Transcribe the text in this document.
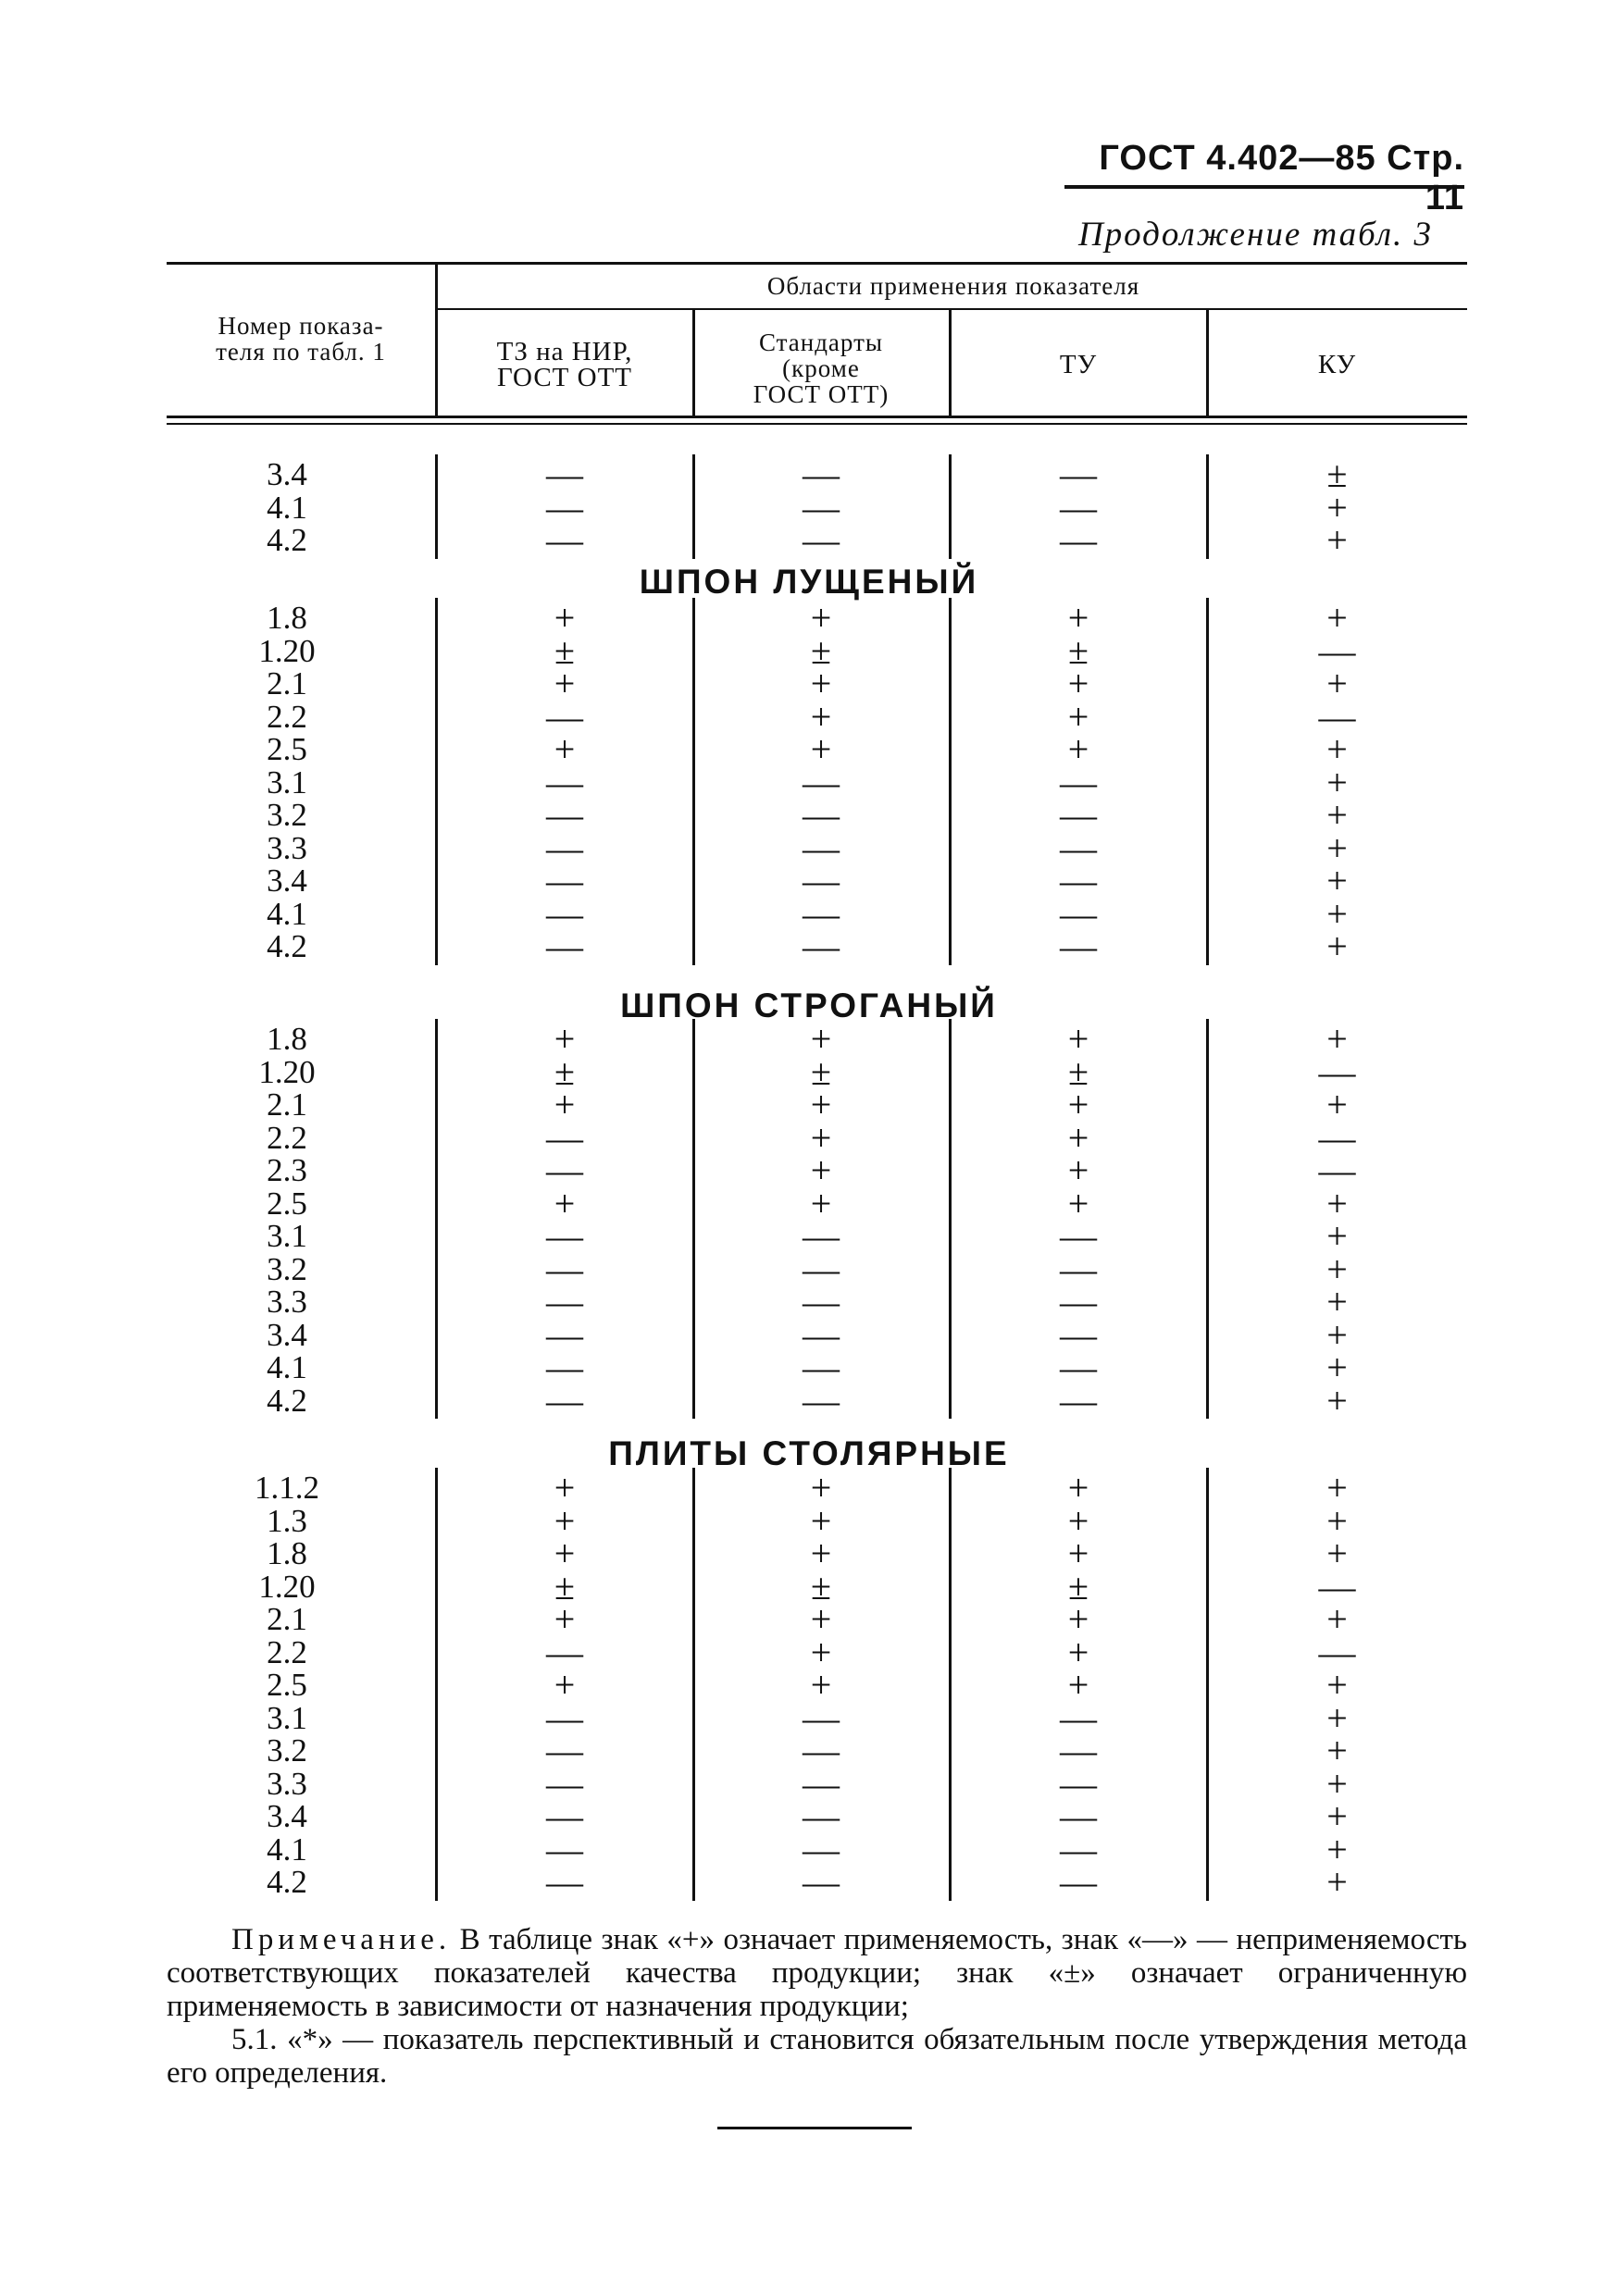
ГОСТ 4.402—85 Стр. 11
Продолжение табл. 3
Номер показа-
теля по табл. 1
Области применения показателя
ТЗ на НИР,
ГОСТ ОТТ
Стандарты
(кроме
ГОСТ ОТТ)
ТУ	КУ
3.4
4.1
4.2
—
—
—
—
—
—
—
—
—
±
+
+
ШПОН ЛУЩЕНЫЙ
1.8
1.20
2.1
2.2
2.5
3.1
3.2
3.3
3.4
4.1
4.2
+
±
+
—
+
—
—
—
—
—
—
+
±
+
+
+
—
—
—
—
—
—
+
±
+
+
+
—
—
—
—
—
—
+
—
+
—
+
+
+
+
+
+
+
ШПОН СТРОГАНЫЙ
1.8
1.20
2.1
2.2
2.3
2.5
3.1
3.2
3.3
3.4
4.1
4.2
+
±
+
—
—
+
—
—
—
—
—
—
+
±
+
+
+
+
—
—
—
—
—
—
+
±
+
+
+
+
—
—
—
—
—
—
+
—
+
—
—
+
+
+
+
+
+
+
ПЛИТЫ СТОЛЯРНЫЕ
1.1.2
1.3
1.8
1.20
2.1
2.2
2.5
3.1
3.2
3.3
3.4
4.1
4.2
+
+
+
±
+
—
+
—
—
—
—
—
—
+
+
+
±
+
+
+
—
—
—
—
—
—
+
+
+
±
+
+
+
—
—
—
—
—
—
+
+
+
—
+
—
+
+
+
+
+
+
+

Примечание. В таблице знак «+» означает применяемость, знак «—» — неприменяемость соответствующих показателей качества продукции; знак «±» означает ограниченную применяемость в зависимости от назначения продукции;

5.1. «*» — показатель перспективный и становится обязательным после утверждения метода его определения.
